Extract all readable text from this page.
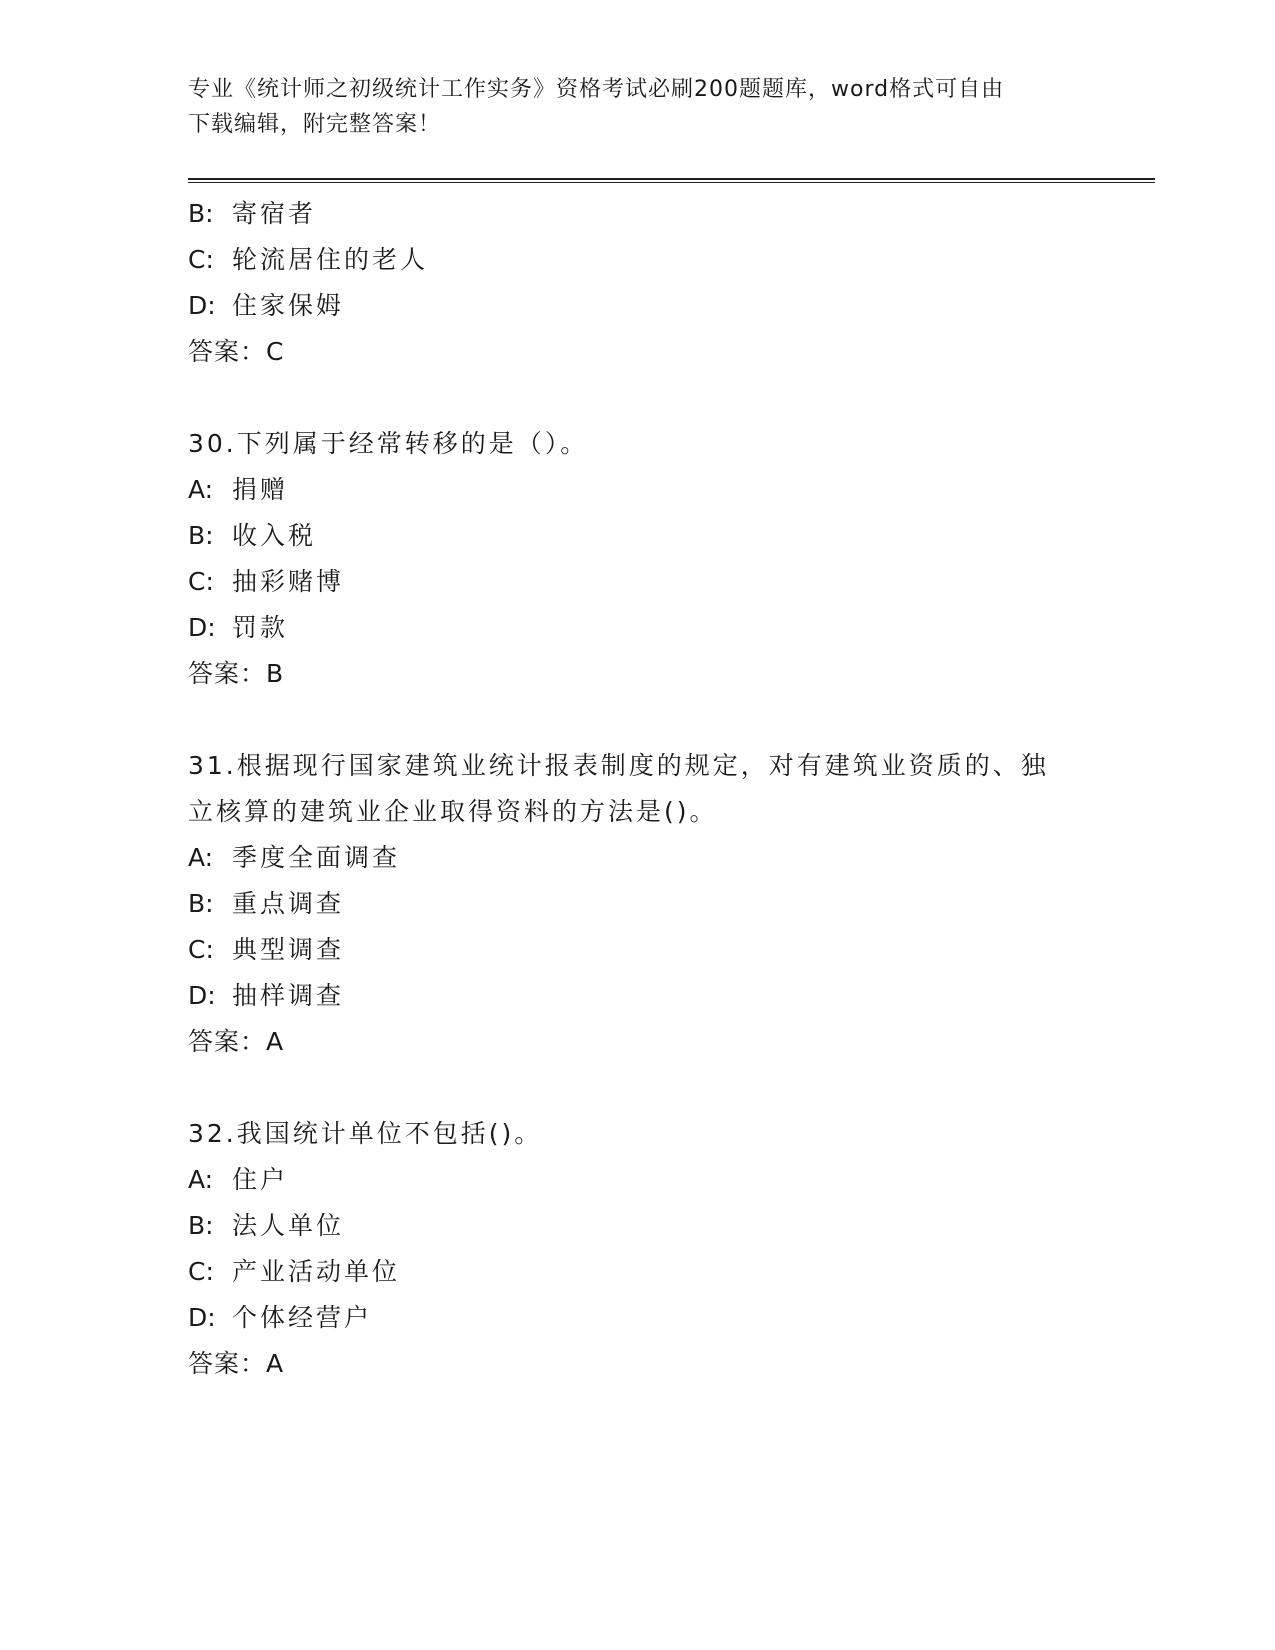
专业《统计师之初级统计工作实务》资格考试必刷200题题库，word格式可自由
下载编辑，附完整答案！
B: 寄宿者
C: 轮流居住的老人
D: 住家保姆
答案：C
30.下列属于经常转移的是（）。
A: 捐赠
B: 收入税
C: 抽彩赌博
D: 罚款
答案：B
31.根据现行国家建筑业统计报表制度的规定，对有建筑业资质的、独
立核算的建筑业企业取得资料的方法是()。
A: 季度全面调查
B: 重点调查
C: 典型调查
D: 抽样调查
答案：A
32.我国统计单位不包括()。
A: 住户
B: 法人单位
C: 产业活动单位
D: 个体经营户
答案：A
